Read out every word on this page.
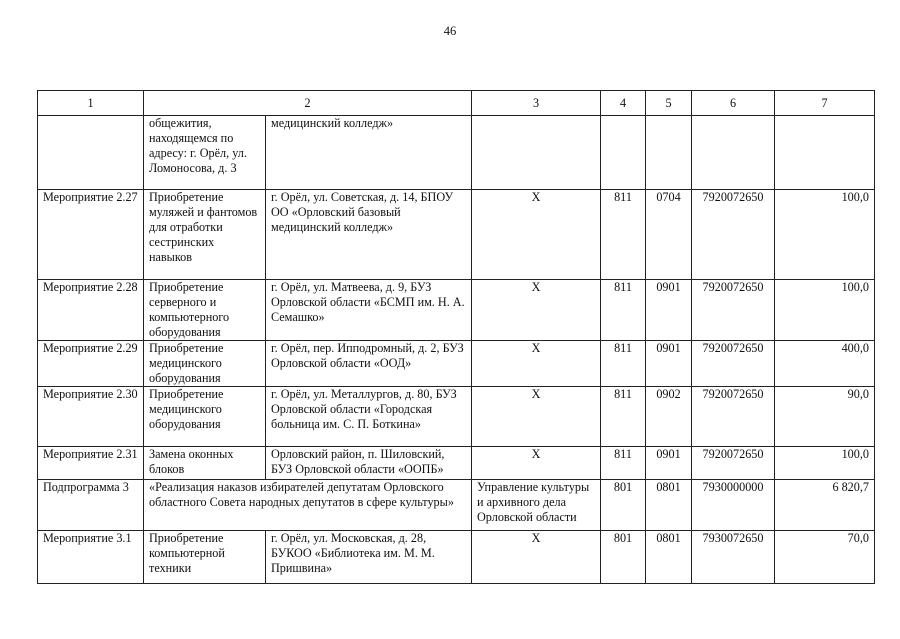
46
1	2		3	4	5	6	7
	общежития, находящемся по адресу: г. Орёл, ул. Ломоносова, д. 3	медицинский колледж»					
Мероприятие 2.27	Приобретение муляжей и фантомов для отработки сестринских навыков	г. Орёл, ул. Советская, д. 14, БПОУ ОО «Орловский базовый медицинский колледж»	X	811	0704	7920072650	100,0
Мероприятие 2.28	Приобретение серверного и компьютерного оборудования	г. Орёл, ул. Матвеева, д. 9, БУЗ Орловской области «БСМП им. Н. А. Семашко»	X	811	0901	7920072650	100,0
Мероприятие 2.29	Приобретение медицинского оборудования	г. Орёл, пер. Ипподромный, д. 2, БУЗ Орловской области «ООД»	X	811	0901	7920072650	400,0
Мероприятие 2.30	Приобретение медицинского оборудования	г. Орёл, ул. Металлургов, д. 80, БУЗ Орловской области «Городская больница им. С. П. Боткина»	X	811	0902	7920072650	90,0
Мероприятие 2.31	Замена оконных блоков	Орловский район, п. Шиловский, БУЗ Орловской области «ООПБ»	X	811	0901	7920072650	100,0
Подпрограмма 3	«Реализация наказов избирателей депутатам Орловского областного Совета народных депутатов в сфере культуры»		Управление культуры и архивного дела Орловской области	801	0801	7930000000	6 820,7
Мероприятие 3.1	Приобретение компьютерной техники	г. Орёл, ул. Московская, д. 28, БУКОО «Библиотека им. М. М. Пришвина»	X	801	0801	7930072650	70,0
